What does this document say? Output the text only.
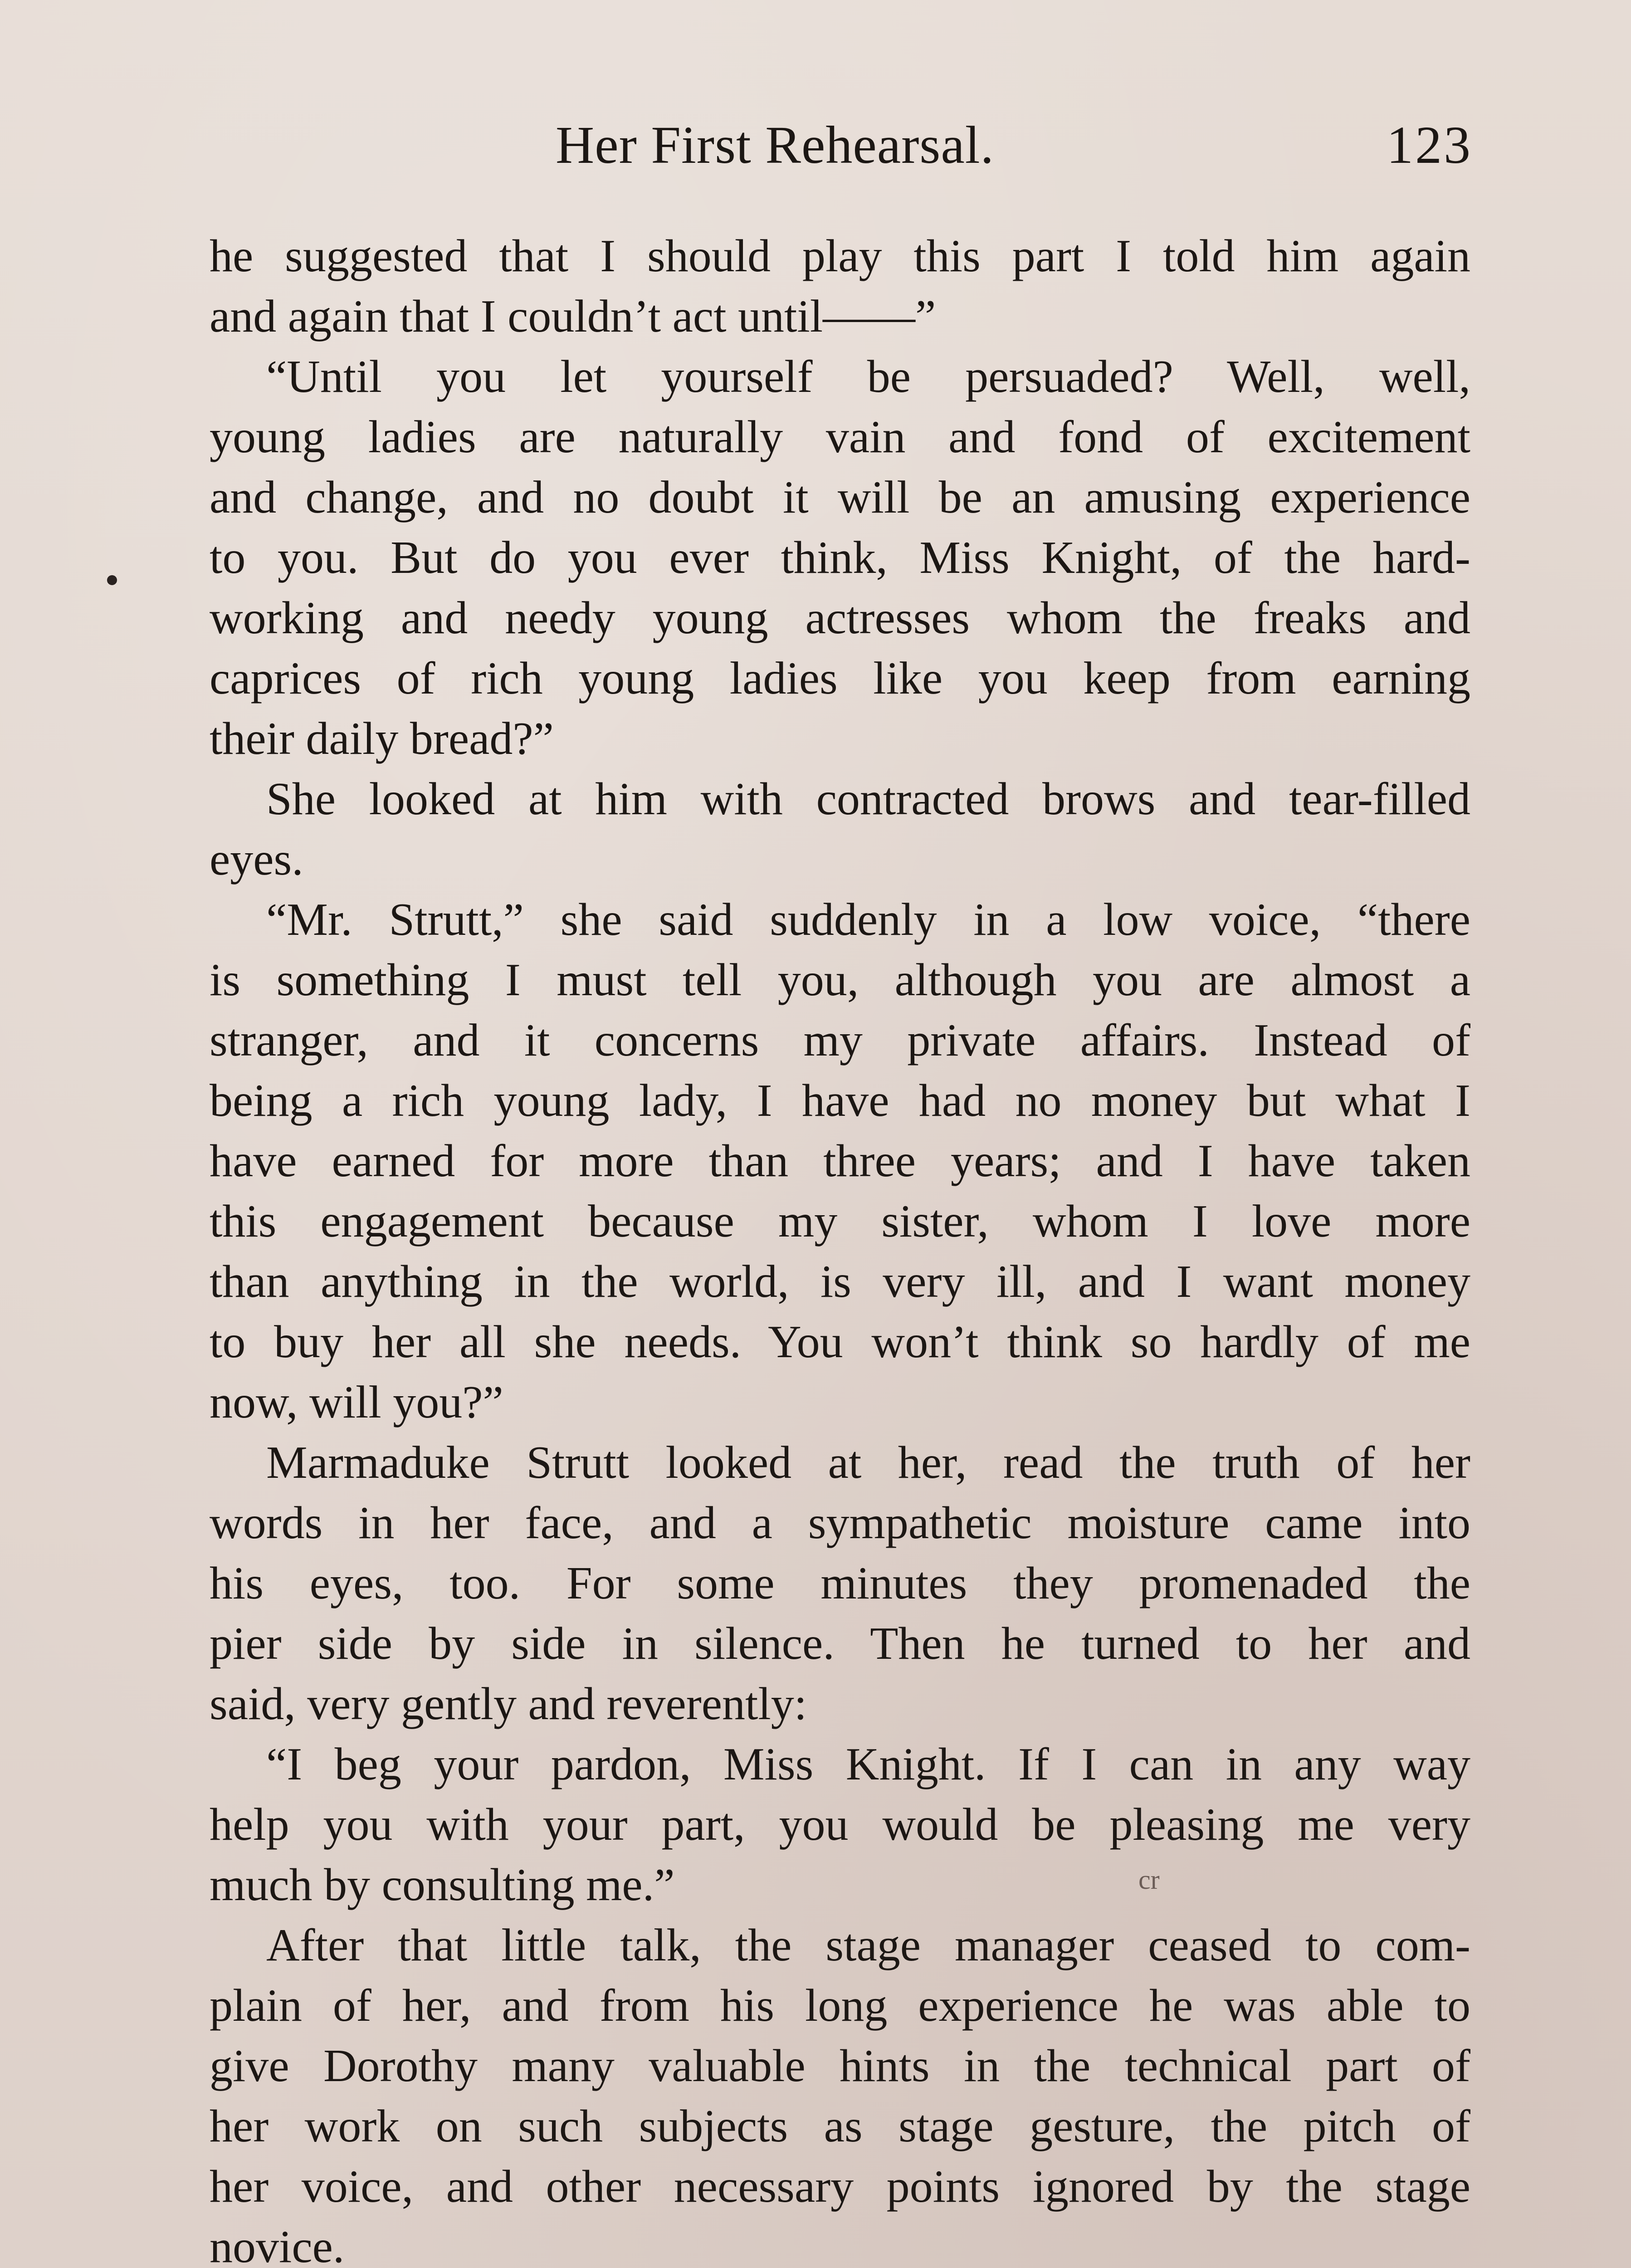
Her First Rehearsal.	123
cr
he suggested that I should play this part I told him again
and again that I couldn’t act until——”
“Until you let yourself be persuaded? Well, well,
young ladies are naturally vain and fond of excitement
and change, and no doubt it will be an amusing experience
to you. But do you ever think, Miss Knight, of the hard-
working and needy young actresses whom the freaks and
caprices of rich young ladies like you keep from earning
their daily bread?”
She looked at him with contracted brows and tear-filled
eyes.
“Mr. Strutt,” she said suddenly in a low voice, “there
is something I must tell you, although you are almost a
stranger, and it concerns my private affairs. Instead of
being a rich young lady, I have had no money but what I
have earned for more than three years; and I have taken
this engagement because my sister, whom I love more
than anything in the world, is very ill, and I want money
to buy her all she needs. You won’t think so hardly of me
now, will you?”
Marmaduke Strutt looked at her, read the truth of her
words in her face, and a sympathetic moisture came into
his eyes, too. For some minutes they promenaded the
pier side by side in silence. Then he turned to her and
said, very gently and reverently:
“I beg your pardon, Miss Knight. If I can in any way
help you with your part, you would be pleasing me very
much by consulting me.”
After that little talk, the stage manager ceased to com-
plain of her, and from his long experience he was able to
give Dorothy many valuable hints in the technical part of
her work on such subjects as stage gesture, the pitch of
her voice, and other necessary points ignored by the stage
novice.
